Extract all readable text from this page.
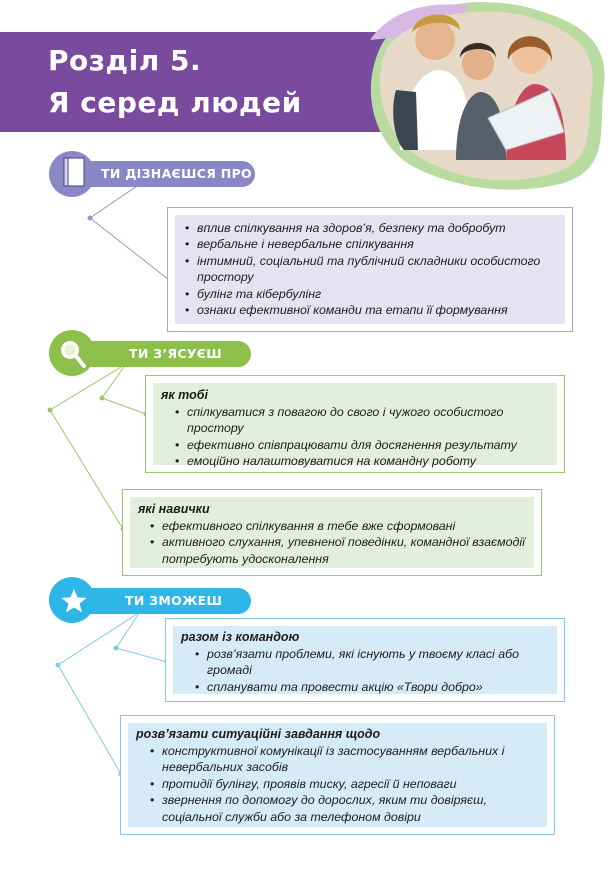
Розділ 5.
Я серед людей
ТИ ДІЗНАЄШСЯ ПРО
• вплив спілкування на здоров’я, безпеку та добробут
• вербальне і невербальне спілкування
• інтимний, соціальний та публічний складники особистого простору
• булінг та кібербулінг
• ознаки ефективної команди та етапи її формування
ТИ З’ЯСУЄШ
як тобі
• спілкуватися з повагою до свого і чужого особистого простору
• ефективно співпрацювати для досягнення результату
• емоційно налаштовуватися на командну роботу
які навички
• ефективного спілкування в тебе вже сформовані
• активного слухання, упевненої поведінки, командної взаємодії потребують удосконалення
ТИ ЗМОЖЕШ
разом із командою
• розв’язати проблеми, які існують у твоєму класі або громаді
• спланувати та провести акцію «Твори добро»
розв’язати ситуаційні завдання щодо
• конструктивної комунікації із застосуванням вербальних і невербальних засобів
• протидії булінгу, проявів тиску, агресії й неповаги
• звернення по допомогу до дорослих, яким ти довіряєш, соціальної служби або за телефоном довіри
